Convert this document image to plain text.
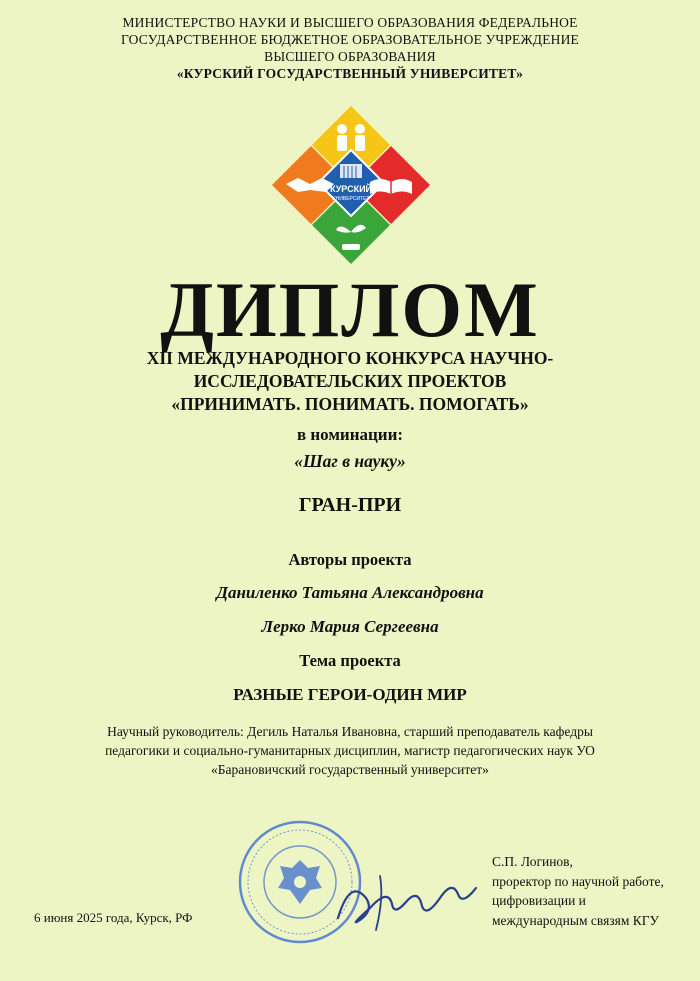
МИНИСТЕРСТВО НАУКИ И ВЫСШЕГО ОБРАЗОВАНИЯ ФЕДЕРАЛЬНОЕ
ГОСУДАРСТВЕННОЕ БЮДЖЕТНОЕ ОБРАЗОВАТЕЛЬНОЕ УЧРЕЖДЕНИЕ
ВЫСШЕГО ОБРАЗОВАНИЯ
«КУРСКИЙ ГОСУДАРСТВЕННЫЙ УНИВЕРСИТЕТ»
КУРСКИЙ
УНИВЕРСИТЕТ
ДИПЛОМ
XII МЕЖДУНАРОДНОГО КОНКУРСА НАУЧНО-
ИССЛЕДОВАТЕЛЬСКИХ ПРОЕКТОВ
«ПРИНИМАТЬ. ПОНИМАТЬ. ПОМОГАТЬ»
в номинации:
«Шаг в науку»
ГРАН-ПРИ
Авторы проекта
Даниленко Татьяна Александровна
Лерко Мария Сергеевна
Тема проекта
РАЗНЫЕ ГЕРОИ-ОДИН МИР
Научный руководитель: Дегиль Наталья Ивановна, старший преподаватель кафедры
педагогики и социально-гуманитарных дисциплин, магистр педагогических наук УО
«Барановичский государственный университет»
6 июня 2025 года, Курск, РФ
С.П. Логинов,
проректор по научной работе,
цифровизации и
международным связям КГУ
